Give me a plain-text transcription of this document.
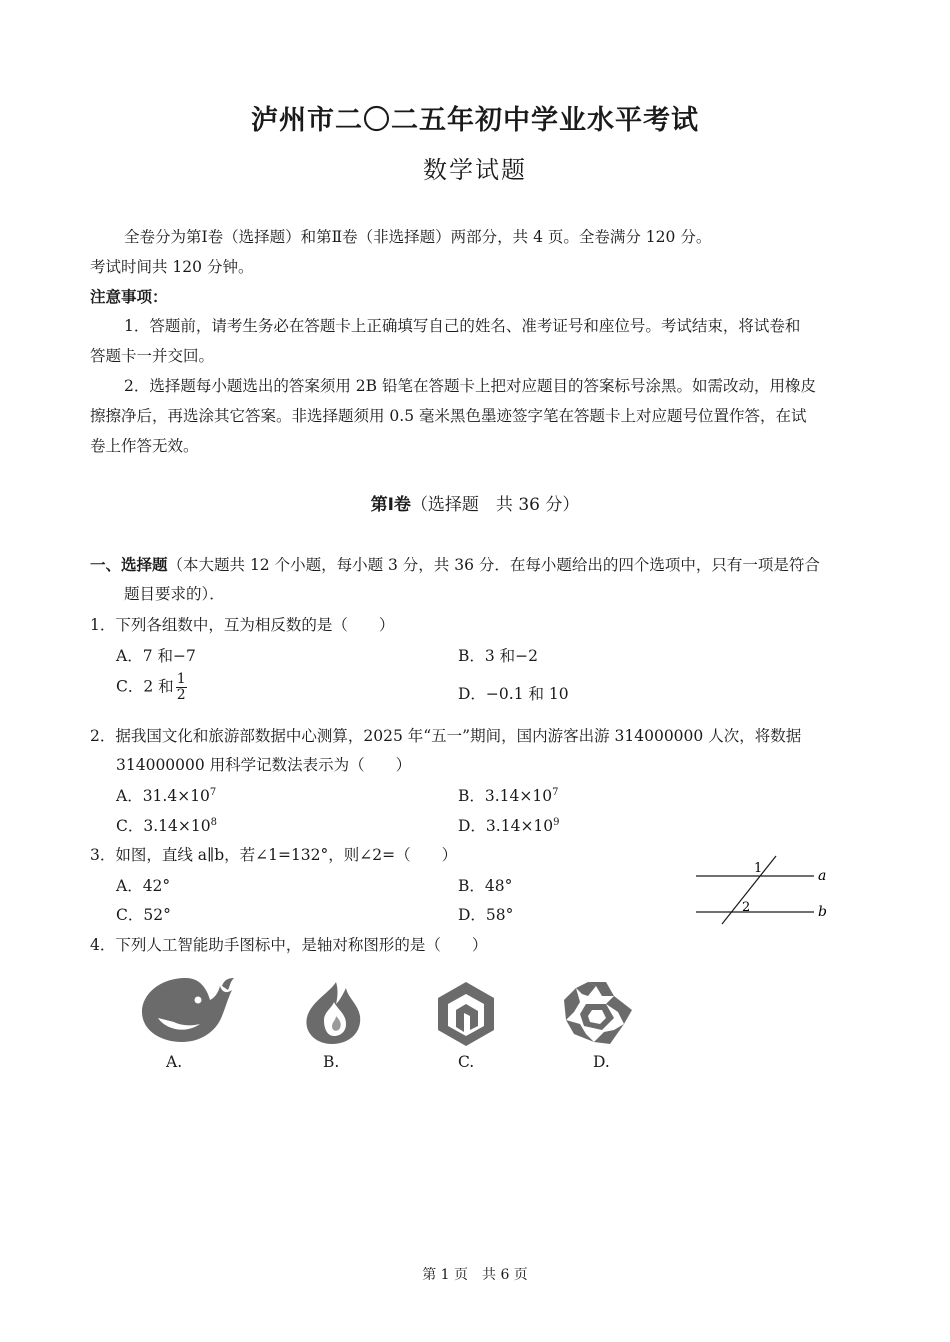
泸州市二〇二五年初中学业水平考试
数学试题
全卷分为第Ⅰ卷（选择题）和第Ⅱ卷（非选择题）两部分，共 4 页。全卷满分 120 分。
考试时间共 120 分钟。
注意事项：
1．答题前，请考生务必在答题卡上正确填写自己的姓名、准考证号和座位号。考试结束，将试卷和
答题卡一并交回。
2．选择题每小题选出的答案须用 2B 铅笔在答题卡上把对应题目的答案标号涂黑。如需改动，用橡皮
擦擦净后，再选涂其它答案。非选择题须用 0.5 毫米黑色墨迹签字笔在答题卡上对应题号位置作答，在试
卷上作答无效。
第Ⅰ卷（选择题　共 36 分）
一、选择题（本大题共 12 个小题，每小题 3 分，共 36 分．在每小题给出的四个选项中，只有一项是符合
题目要求的）．
1．下列各组数中，互为相反数的是（　　）
A．7 和−7	B．3 和−2
C．2 和 $\frac{1}{2}$	D．−0.1 和 10
2．据我国文化和旅游部数据中心测算，2025 年“五一”期间，国内游客出游 314000000 人次，将数据
314000000 用科学记数法表示为（　　）
A．$31.4\times 10^7$	B．$3.14\times 10^7$
C．$3.14\times 10^8$	D．$3.14\times 10^9$
3．如图，直线 a∥b，若∠1=132°，则∠2=（　　）
A．42°	B．48°
C．52°	D．58°
1
2
a
b
4．下列人工智能助手图标中，是轴对称图形的是（　　）
A.	B.	C.	D.
第 1 页　共 6 页
